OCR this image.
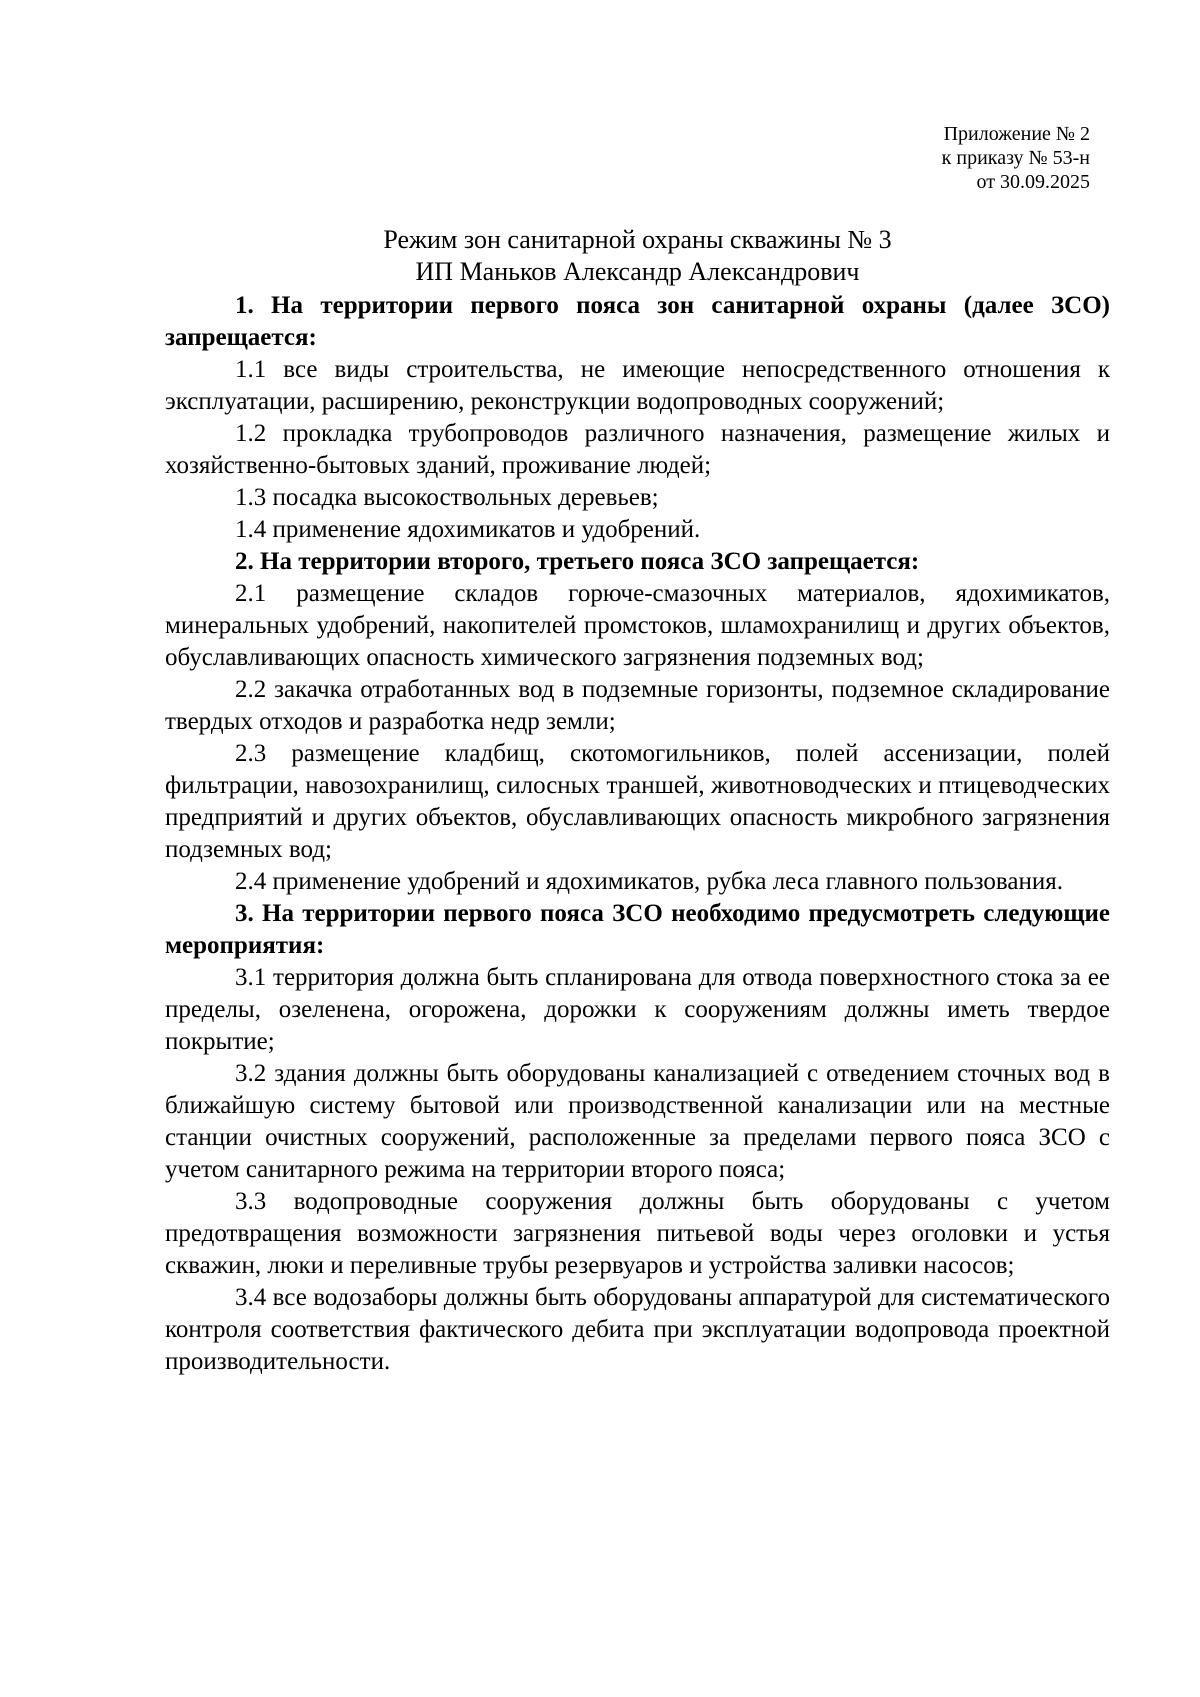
Приложение № 2
к приказу № 53-н
от 30.09.2025
Режим зон санитарной охраны скважины № 3
ИП Маньков Александр Александрович

1. На территории первого пояса зон санитарной охраны (далее ЗСО) запрещается:

1.1 все виды строительства, не имеющие непосредственного отношения к эксплуатации, расширению, реконструкции водопроводных сооружений;

1.2 прокладка трубопроводов различного назначения, размещение жилых и хозяйственно-бытовых зданий, проживание людей;

1.3 посадка высокоствольных деревьев;

1.4 применение ядохимикатов и удобрений.

2. На территории второго, третьего пояса ЗСО запрещается:

2.1 размещение складов горюче-смазочных материалов, ядохимикатов, минеральных удобрений, накопителей промстоков, шламохранилищ и других объектов, обуславливающих опасность химического загрязнения подземных вод;

2.2 закачка отработанных вод в подземные горизонты, подземное складирование твердых отходов и разработка недр земли;

2.3 размещение кладбищ, скотомогильников, полей ассенизации, полей фильтрации, навозохранилищ, силосных траншей, животноводческих и птицеводческих предприятий и других объектов, обуславливающих опасность микробного загрязнения подземных вод;

2.4 применение удобрений и ядохимикатов, рубка леса главного пользования.

3. На территории первого пояса ЗСО необходимо предусмотреть следующие мероприятия:

3.1 территория должна быть спланирована для отвода поверхностного стока за ее пределы, озеленена, огорожена, дорожки к сооружениям должны иметь твердое покрытие;

3.2 здания должны быть оборудованы канализацией с отведением сточных вод в ближайшую систему бытовой или производственной канализации или на местные станции очистных сооружений, расположенные за пределами первого пояса ЗСО с учетом санитарного режима на территории второго пояса;

3.3 водопроводные сооружения должны быть оборудованы с учетом предотвращения возможности загрязнения питьевой воды через оголовки и устья скважин, люки и переливные трубы резервуаров и устройства заливки насосов;

3.4 все водозаборы должны быть оборудованы аппаратурой для систематического контроля соответствия фактического дебита при эксплуатации водопровода проектной производительности.
